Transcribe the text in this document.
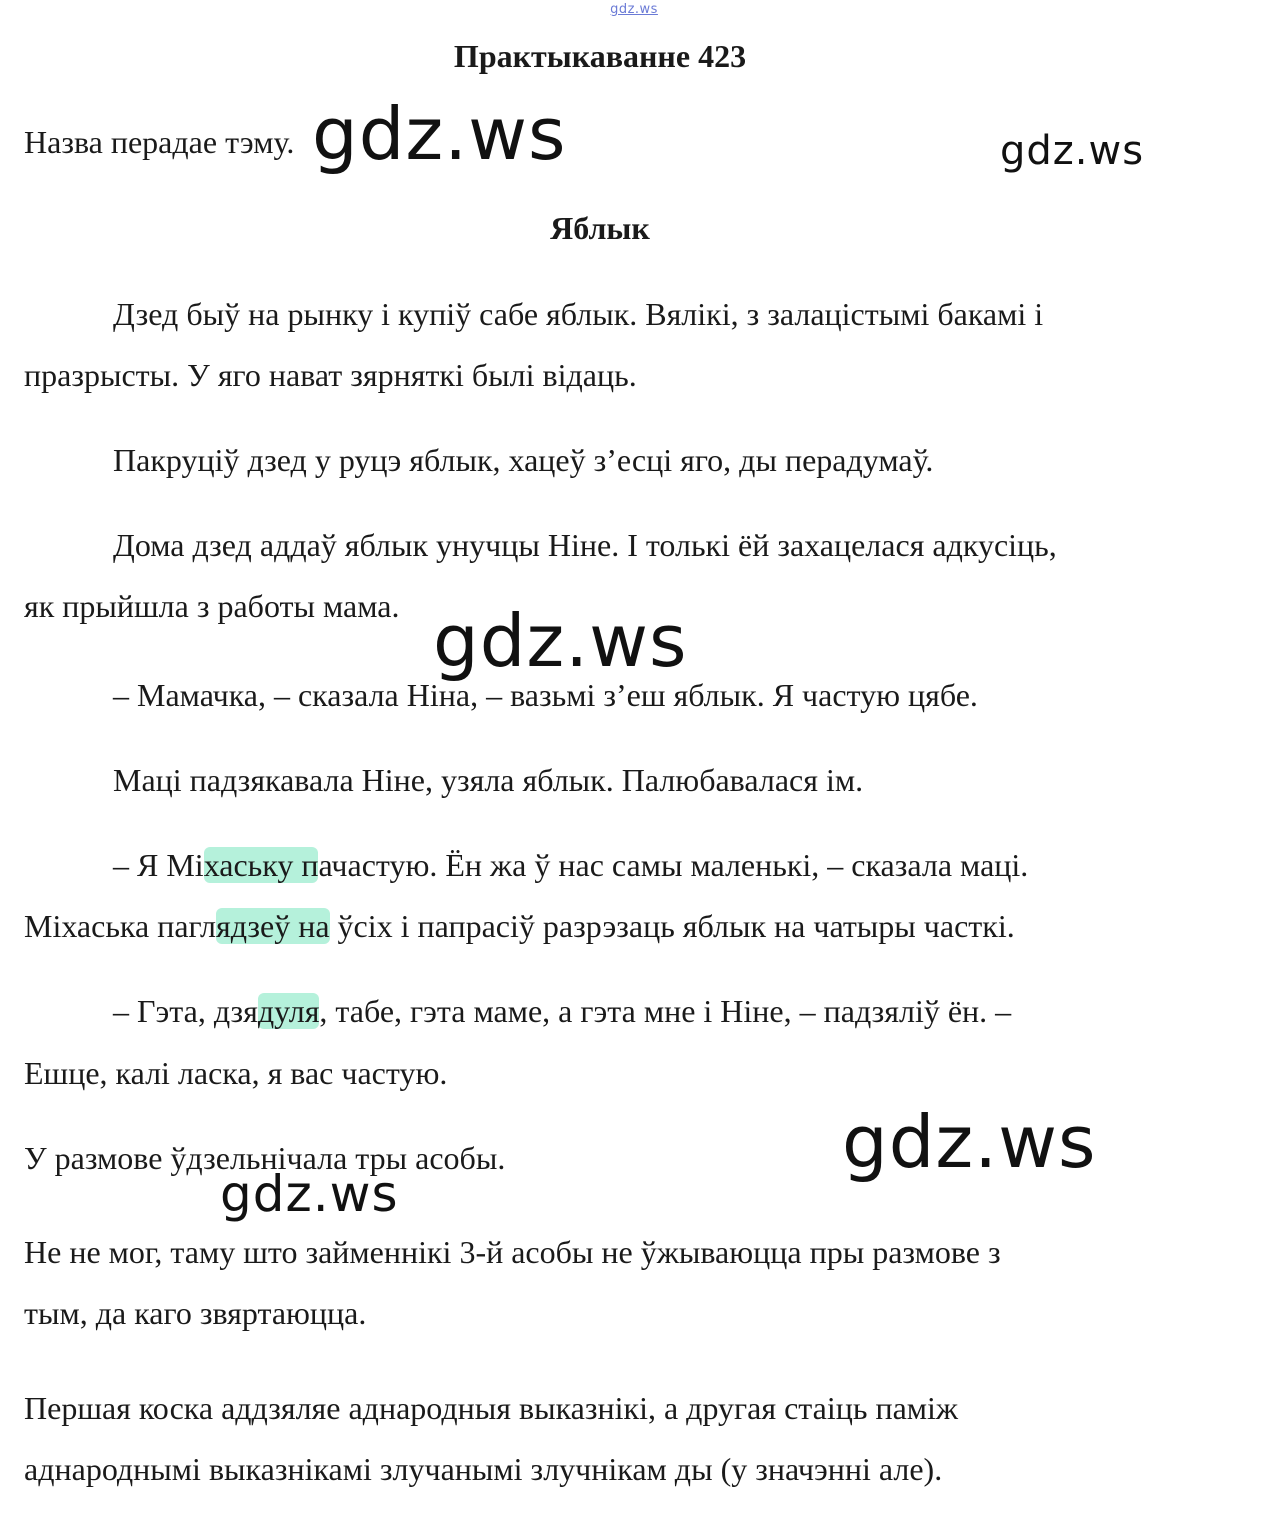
gdz.ws
Практыкаванне 423
Назва перадае тэму.
Яблык
Дзед быў на рынку і купіў сабе яблык. Вялікі, з залацістымі бакамі і
празрысты. У яго нават зярняткі былі відаць.
Пакруціў дзед у руцэ яблык, хацеў з’есці яго, ды перадумаў.
Дома дзед аддаў яблык унучцы Ніне. І толькі ёй захацелася адкусіць,
як прыйшла з работы мама.
– Мамачка, – сказала Ніна, – вазьмі з’еш яблык. Я частую цябе.
Маці падзякавала Ніне, узяла яблык. Палюбавалася ім.
– Я Міхаську пачастую. Ён жа ў нас самы маленькі, – сказала маці.
Міхаська паглядзеў на ўсіх і папрасіў разрэзаць яблык на чатыры часткі.
– Гэта, дзядуля, табе, гэта маме, а гэта мне і Ніне, – падзяліў ён. –
Ешце, калі ласка, я вас частую.
У размове ўдзельнічала тры асобы.
Не не мог, таму што займеннікі 3-й асобы не ўжываюцца пры размове з
тым, да каго звяртаюцца.
Першая коска аддзяляе аднародныя выказнікі, а другая стаіць паміж
аднароднымі выказнікамі злучанымі злучнікам ды (у значэнні але).
gdz.ws	gdz.ws
gdz.ws
gdz.ws
gdz.ws
